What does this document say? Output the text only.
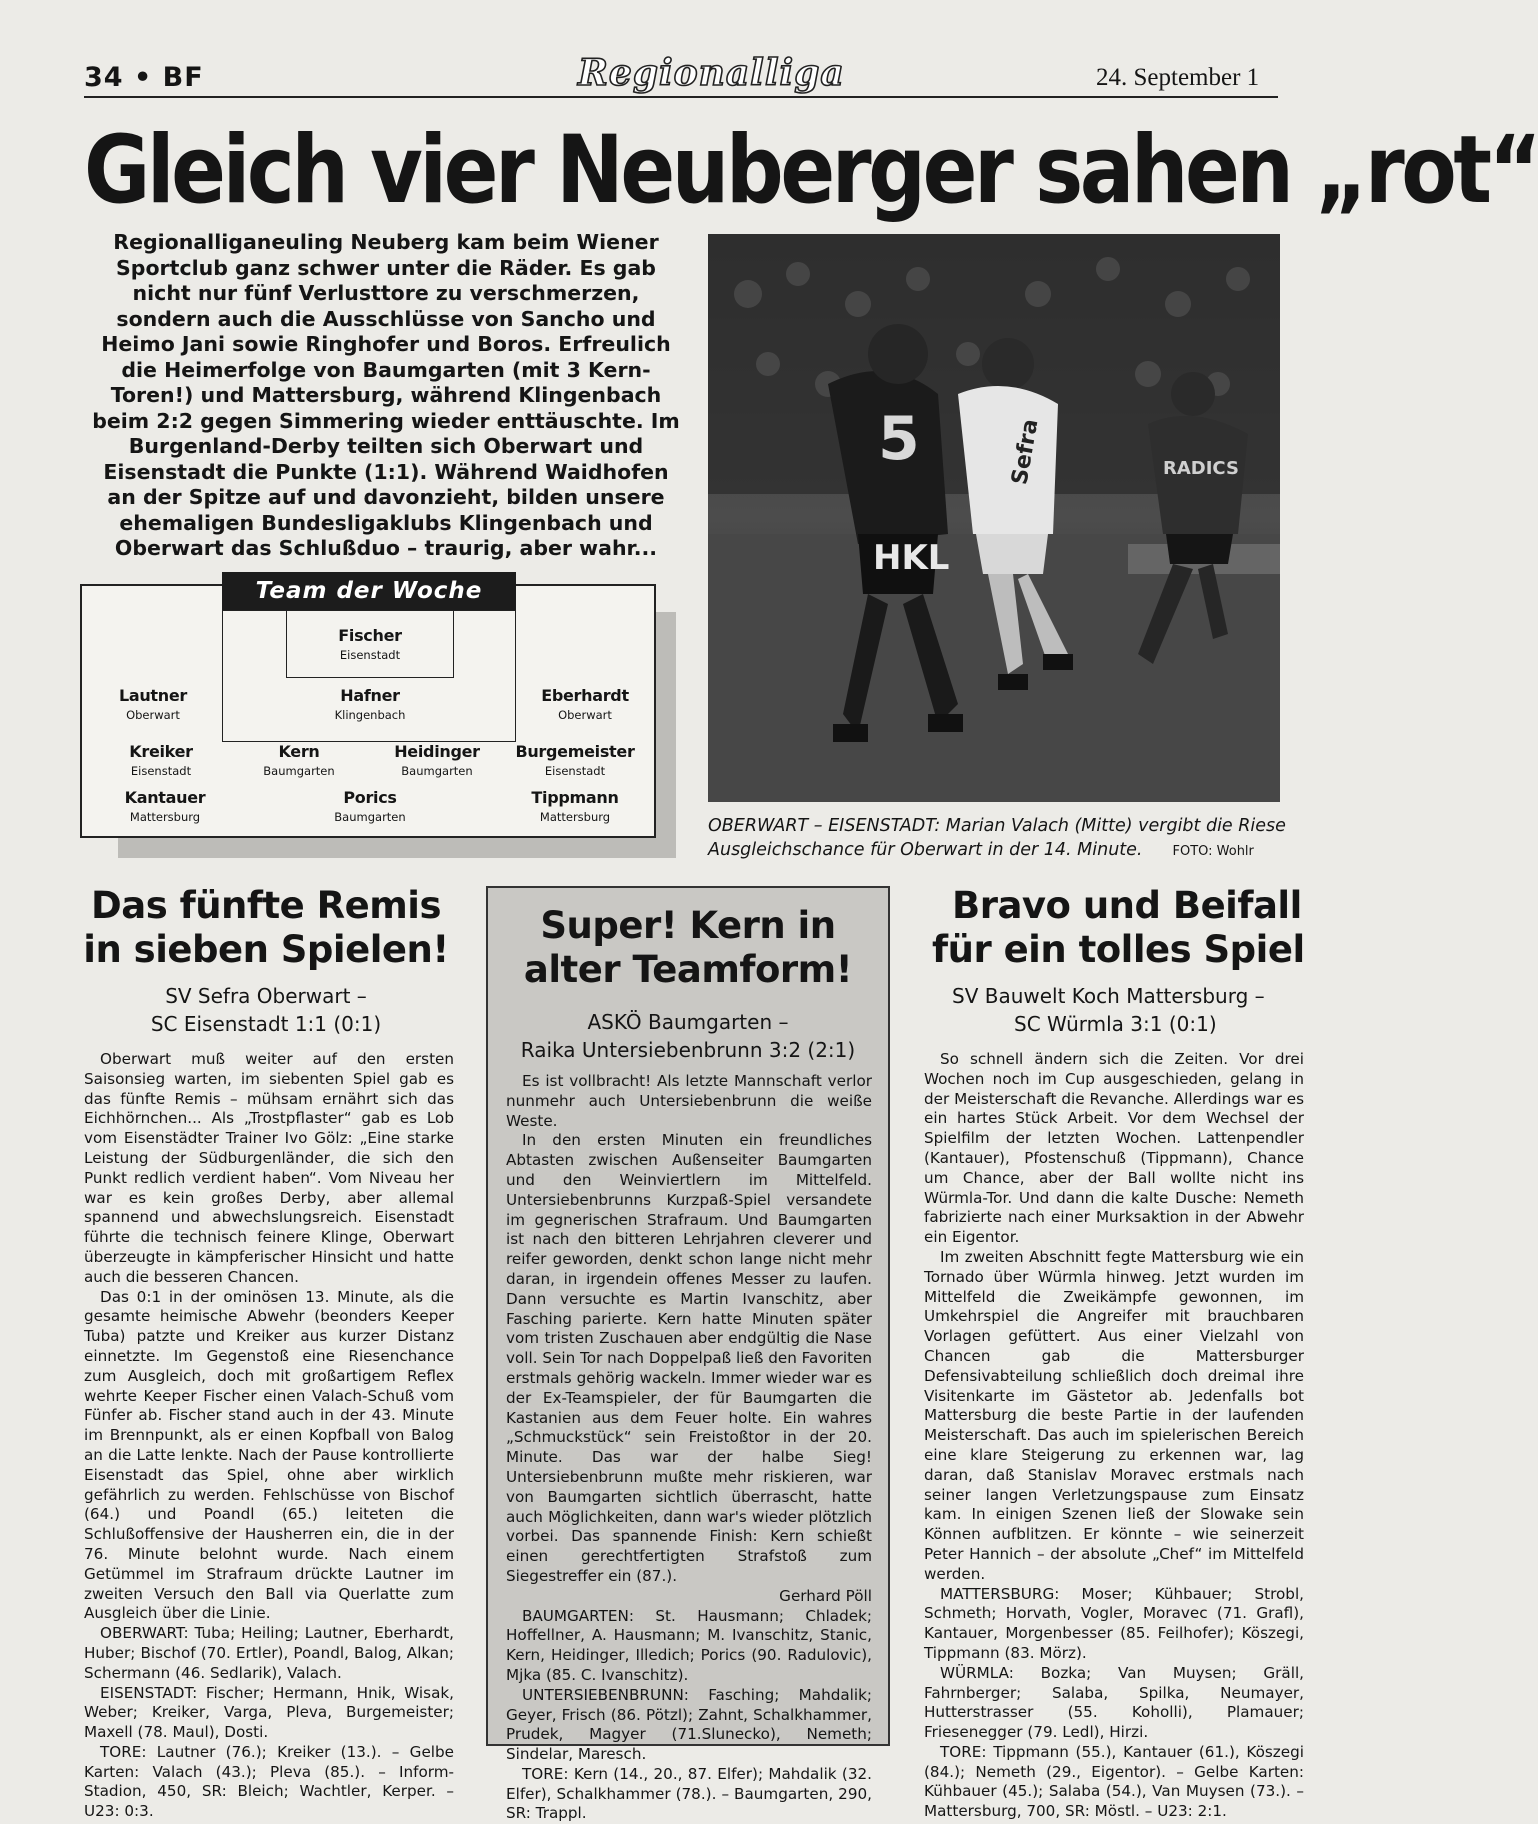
34 • BF	Regionalliga	24. September 1
Gleich vier Neuberger sahen „rot“
Regionalliganeuling Neuberg kam beim Wiener Sportclub ganz schwer unter die Räder. Es gab nicht nur fünf Verlusttore zu verschmerzen, sondern auch die Ausschlüsse von Sancho und Heimo Jani sowie Ringhofer und Boros. Erfreulich die Heimerfolge von Baumgarten (mit 3 Kern-Toren!) und Mattersburg, während Klingenbach beim 2:2 gegen Simmering wieder enttäuschte. Im Burgenland-Derby teilten sich Oberwart und Eisenstadt die Punkte (1:1). Während Waidhofen an der Spitze auf und davonzieht, bilden unsere ehemaligen Bundesligaklubs Klingenbach und Oberwart das Schlußduo – traurig, aber wahr...
5
HKL
Sefra	RADICS
OBERWART – EISENSTADT: Marian Valach (Mitte) vergibt die Riese
Ausgleichschance für Oberwart in der 14. Minute. FOTO: Wohlr
Team der Woche
Fischer
Eisenstadt
Lautner
Oberwart
Hafner
Klingenbach
Eberhardt
Oberwart
Kreiker
Eisenstadt
Kern
Baumgarten
Heidinger
Baumgarten
Burgemeister
Eisenstadt
Kantauer
Mattersburg
Porics
Baumgarten
Tippmann
Mattersburg
Das fünfte Remis
in sieben Spielen!
SV Sefra Oberwart –
SC Eisenstadt 1:1 (0:1)

Oberwart muß weiter auf den ersten Saisonsieg warten, im siebenten Spiel gab es das fünfte Remis – mühsam ernährt sich das Eichhörnchen... Als „Trostpflaster“ gab es Lob vom Eisenstädter Trainer Ivo Gölz: „Eine starke Leistung der Südburgenländer, die sich den Punkt redlich verdient haben“. Vom Niveau her war es kein großes Derby, aber allemal spannend und abwechslungsreich. Eisenstadt führte die technisch feinere Klinge, Oberwart überzeugte in kämpferischer Hinsicht und hatte auch die besseren Chancen.

Das 0:1 in der ominösen 13. Minute, als die gesamte heimische Abwehr (beonders Keeper Tuba) patzte und Kreiker aus kurzer Distanz einnetzte. Im Gegenstoß eine Riesenchance zum Ausgleich, doch mit großartigem Reflex wehrte Keeper Fischer einen Valach-Schuß vom Fünfer ab. Fischer stand auch in der 43. Minute im Brennpunkt, als er einen Kopfball von Balog an die Latte lenkte. Nach der Pause kontrollierte Eisenstadt das Spiel, ohne aber wirklich gefährlich zu werden. Fehlschüsse von Bischof (64.) und Poandl (65.) leiteten die Schlußoffensive der Hausherren ein, die in der 76. Minute belohnt wurde. Nach einem Getümmel im Strafraum drückte Lautner im zweiten Versuch den Ball via Querlatte zum Ausgleich über die Linie.

OBERWART: Tuba; Heiling; Lautner, Eberhardt, Huber; Bischof (70. Ertler), Poandl, Balog, Alkan; Schermann (46. Sedlarik), Valach.

EISENSTADT: Fischer; Hermann, Hnik, Wisak, Weber; Kreiker, Varga, Pleva, Burgemeister; Maxell (78. Maul), Dosti.

TORE: Lautner (76.); Kreiker (13.). – Gelbe Karten: Valach (43.); Pleva (85.). – Inform-Stadion, 450, SR: Bleich; Wachtler, Kerper. – U23: 0:3.

Super! Kern in
alter Teamform!
ASKÖ Baumgarten –
Raika Untersiebenbrunn 3:2 (2:1)

Es ist vollbracht! Als letzte Mannschaft verlor nunmehr auch Untersiebenbrunn die weiße Weste.

In den ersten Minuten ein freundliches Abtasten zwischen Außenseiter Baumgarten und den Weinviertlern im Mittelfeld. Untersiebenbrunns Kurzpaß-Spiel versandete im gegnerischen Strafraum. Und Baumgarten ist nach den bitteren Lehrjahren cleverer und reifer geworden, denkt schon lange nicht mehr daran, in irgendein offenes Messer zu laufen. Dann versuchte es Martin Ivanschitz, aber Fasching parierte. Kern hatte Minuten später vom tristen Zuschauen aber endgültig die Nase voll. Sein Tor nach Doppelpaß ließ den Favoriten erstmals gehörig wackeln. Immer wieder war es der Ex-Teamspieler, der für Baumgarten die Kastanien aus dem Feuer holte. Ein wahres „Schmuckstück“ sein Freistoßtor in der 20. Minute. Das war der halbe Sieg! Untersiebenbrunn mußte mehr riskieren, war von Baumgarten sichtlich überrascht, hatte auch Möglichkeiten, dann war's wieder plötzlich vorbei. Das spannende Finish: Kern schießt einen gerechtfertigten Strafstoß zum Siegestreffer ein (87.).

Gerhard Pöll

BAUMGARTEN: St. Hausmann; Chladek; Hoffellner, A. Hausmann; M. Ivanschitz, Stanic, Kern, Heidinger, Illedich; Porics (90. Radulovic), Mjka (85. C. Ivanschitz).

UNTERSIEBENBRUNN: Fasching; Mahdalik; Geyer, Frisch (86. Pötzl); Zahnt, Schalkhammer, Prudek, Magyer (71.Slunecko), Nemeth; Sindelar, Maresch.

TORE: Kern (14., 20., 87. Elfer); Mahdalik (32. Elfer), Schalkhammer (78.). – Baumgarten, 290, SR: Trappl.

Bravo und Beifall
für ein tolles Spiel
SV Bauwelt Koch Mattersburg –
SC Würmla 3:1 (0:1)

So schnell ändern sich die Zeiten. Vor drei Wochen noch im Cup ausgeschieden, gelang in der Meisterschaft die Revanche. Allerdings war es ein hartes Stück Arbeit. Vor dem Wechsel der Spielfilm der letzten Wochen. Lattenpendler (Kantauer), Pfostenschuß (Tippmann), Chance um Chance, aber der Ball wollte nicht ins Würmla-Tor. Und dann die kalte Dusche: Nemeth fabrizierte nach einer Murksaktion in der Abwehr ein Eigentor.

Im zweiten Abschnitt fegte Mattersburg wie ein Tornado über Würmla hinweg. Jetzt wurden im Mittelfeld die Zweikämpfe gewonnen, im Umkehrspiel die Angreifer mit brauchbaren Vorlagen gefüttert. Aus einer Vielzahl von Chancen gab die Mattersburger Defensivabteilung schließlich doch dreimal ihre Visitenkarte im Gästetor ab. Jedenfalls bot Mattersburg die beste Partie in der laufenden Meisterschaft. Das auch im spielerischen Bereich eine klare Steigerung zu erkennen war, lag daran, daß Stanislav Moravec erstmals nach seiner langen Verletzungspause zum Einsatz kam. In einigen Szenen ließ der Slowake sein Können aufblitzen. Er könnte – wie seinerzeit Peter Hannich – der absolute „Chef“ im Mittelfeld werden.

MATTERSBURG: Moser; Kühbauer; Strobl, Schmeth; Horvath, Vogler, Moravec (71. Grafl), Kantauer, Morgenbesser (85. Feilhofer); Köszegi, Tippmann (83. Mörz).

WÜRMLA: Bozka; Van Muysen; Gräll, Fahrnberger; Salaba, Spilka, Neumayer, Hutterstrasser (55. Koholli), Plamauer; Friesenegger (79. Ledl), Hirzi.

TORE: Tippmann (55.), Kantauer (61.), Köszegi (84.); Nemeth (29., Eigentor). – Gelbe Karten: Kühbauer (45.); Salaba (54.), Van Muysen (73.). – Mattersburg, 700, SR: Möstl. – U23: 2:1.
